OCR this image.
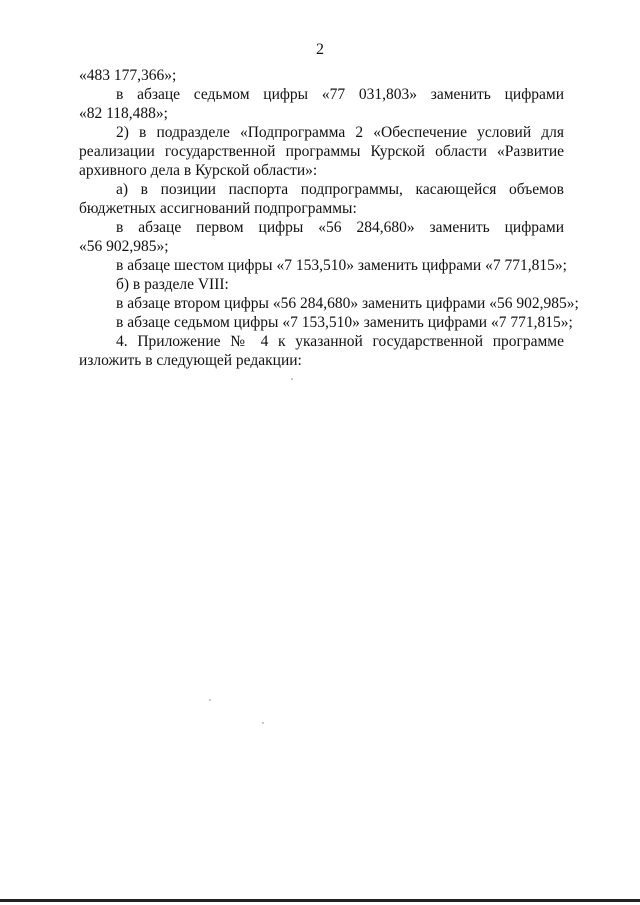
2
«483 177,366»;
в абзаце седьмом цифры «77 031,803» заменить цифрами
«82 118,488»;
2) в подразделе «Подпрограмма 2 «Обеспечение условий для
реализации государственной программы Курской области «Развитие
архивного дела в Курской области»:
а) в позиции паспорта подпрограммы, касающейся объемов
бюджетных ассигнований подпрограммы:
в абзаце первом цифры «56 284,680» заменить цифрами
«56 902,985»;
в абзаце шестом цифры «7 153,510» заменить цифрами «7 771,815»;
б) в разделе VIII:
в абзаце втором цифры «56 284,680» заменить цифрами «56 902,985»;
в абзаце седьмом цифры «7 153,510» заменить цифрами «7 771,815»;
4. Приложение № 4 к указанной государственной программе
изложить в следующей редакции:
